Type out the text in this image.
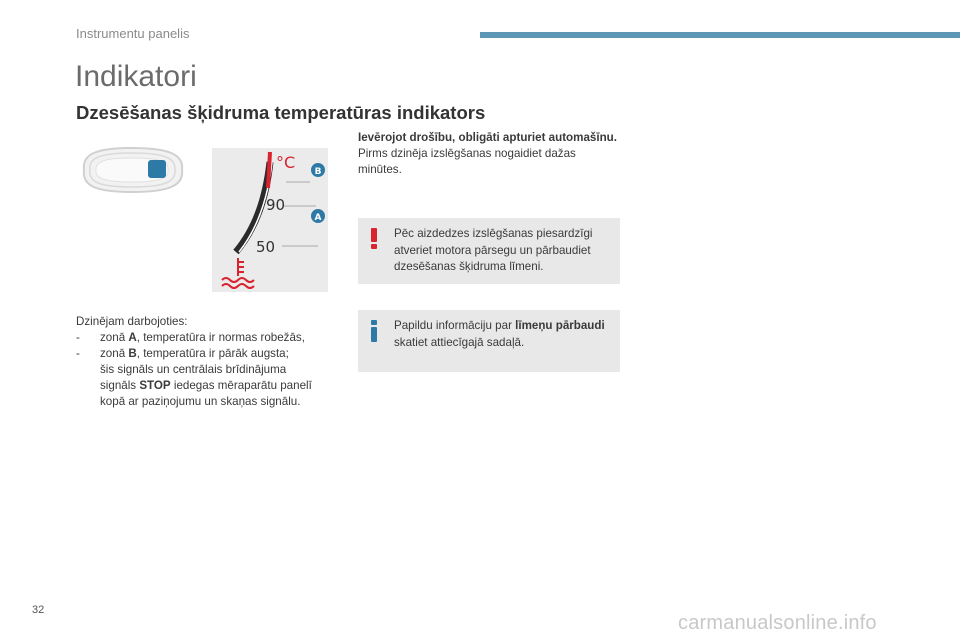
Instrumentu panelis
Indikatori
Dzesēšanas šķidruma temperatūras indikators
°C
90
50
B
A

Dzinējam darbojoties:

- zonā A, temperatūra ir normas robežās,
- zonā B, temperatūra ir pārāk augsta;
šis signāls un centrālais brīdinājuma
signāls STOP iedegas mēraparātu panelī
kopā ar paziņojumu un skaņas signālu.
Ievērojot drošību, obligāti apturiet automašīnu.
Pirms dzinēja izslēgšanas nogaidiet dažas minūtes.
Pēc aizdedzes izslēgšanas piesardzīgi atveriet motora pārsegu un pārbaudiet dzesēšanas šķidruma līmeni.
Papildu informāciju par līmeņu pārbaudi skatiet attiecīgajā sadaļā.
32
carmanualsonline.info
